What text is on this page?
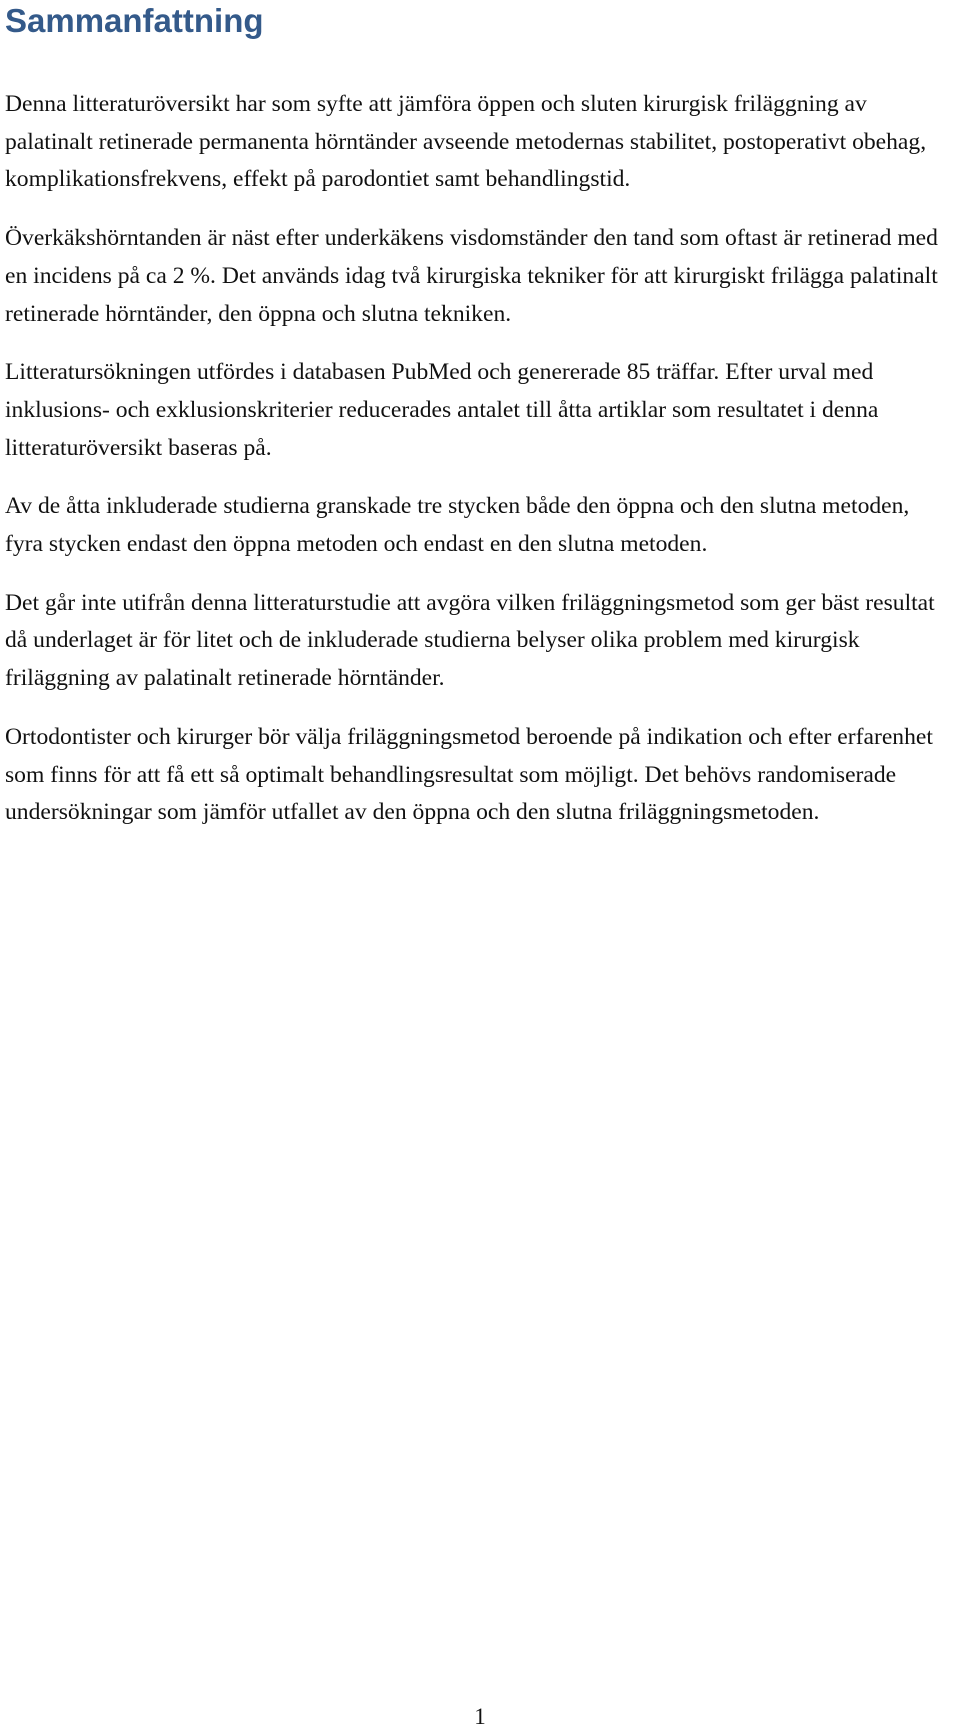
Sammanfattning

Denna litteraturöversikt har som syfte att jämföra öppen och sluten kirurgisk friläggning av palatinalt retinerade permanenta hörntänder avseende metodernas stabilitet, postoperativt obehag, komplikationsfrekvens, effekt på parodontiet samt behandlingstid.

Överkäkshörntanden är näst efter underkäkens visdomständer den tand som oftast är retinerad med en incidens på ca 2 %. Det används idag två kirurgiska tekniker för att kirurgiskt frilägga palatinalt retinerade hörntänder, den öppna och slutna tekniken.

Litteratursökningen utfördes i databasen PubMed och genererade 85 träffar. Efter urval med inklusions- och exklusionskriterier reducerades antalet till åtta artiklar som resultatet i denna litteraturöversikt baseras på.

Av de åtta inkluderade studierna granskade tre stycken både den öppna och den slutna metoden, fyra stycken endast den öppna metoden och endast en den slutna metoden.

Det går inte utifrån denna litteraturstudie att avgöra vilken friläggningsmetod som ger bäst resultat då underlaget är för litet och de inkluderade studierna belyser olika problem med kirurgisk friläggning av palatinalt retinerade hörntänder.

Ortodontister och kirurger bör välja friläggningsmetod beroende på indikation och efter erfarenhet som finns för att få ett så optimalt behandlingsresultat som möjligt. Det behövs randomiserade undersökningar som jämför utfallet av den öppna och den slutna friläggningsmetoden.

1
